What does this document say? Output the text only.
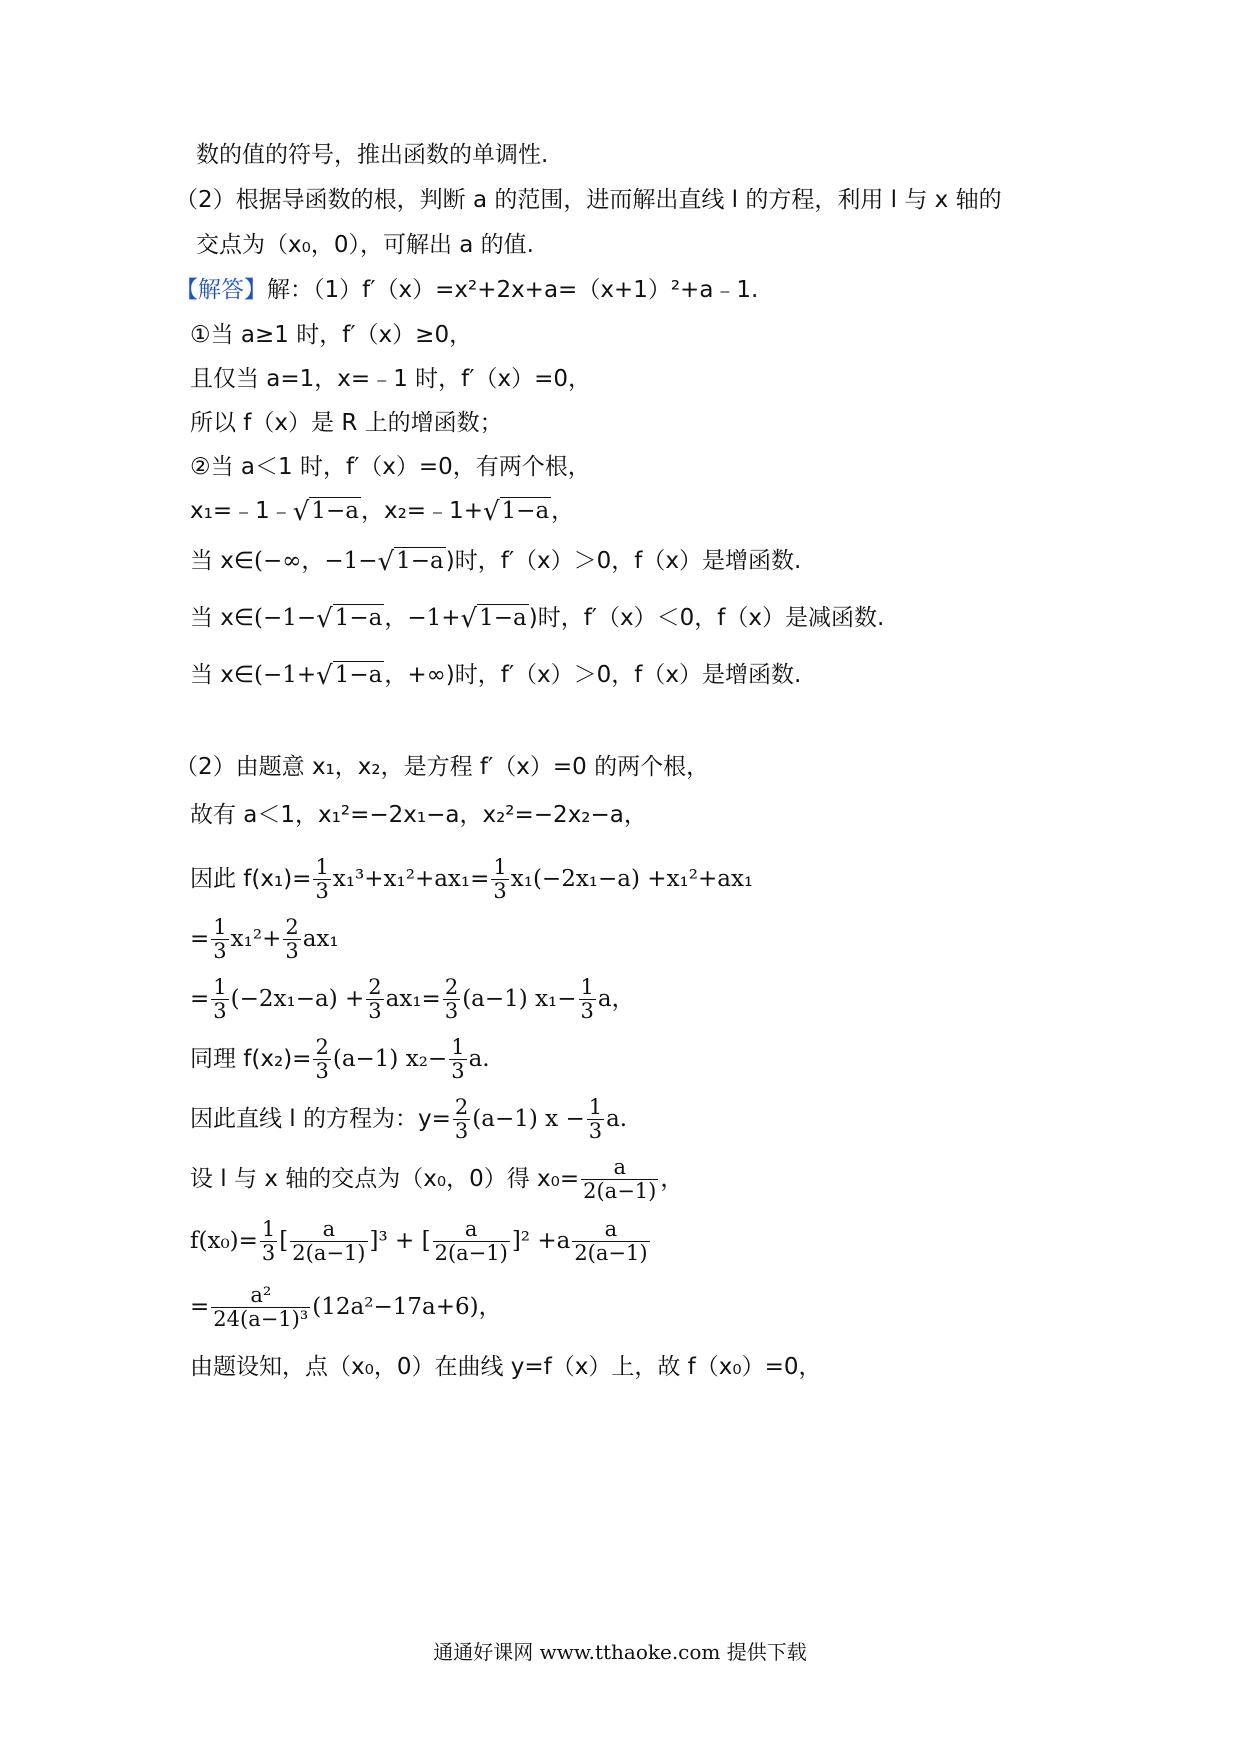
数的值的符号，推出函数的单调性.
（2）根据导函数的根，判断 a 的范围，进而解出直线 l 的方程，利用 l 与 x 轴的
交点为（x₀，0），可解出 a 的值.
【解答】解：（1）f′（x）=x²+2x+a=（x+1）²+a﹣1.
①当 a≥1 时，f′（x）≥0，
且仅当 a=1，x=﹣1 时，f′（x）=0，
所以 f（x）是 R 上的增函数；
②当 a＜1 时，f′（x）=0，有两个根，
x₁=﹣1﹣√1−a，x₂=﹣1+√1−a，
当 x∈(−∞，−1−√1−a)时，f′（x）＞0，f（x）是增函数.
当 x∈(−1−√1−a，−1+√1−a)时，f′（x）＜0，f（x）是减函数.
当 x∈(−1+√1−a，+∞)时，f′（x）＞0，f（x）是增函数.
（2）由题意 x₁，x₂，是方程 f′（x）=0 的两个根，
故有 a＜1，x₁²=−2x₁−a，x₂²=−2x₂−a，
因此 $f(x_1)= \frac{1}{3} x_1^3+x_1^2+ax_1= \frac{1}{3} x_1(-2x_1-a) +x_1^2+ax_1$
= $\frac{1}{3} x_1^2+ \frac{2}{3} ax_1$
= $\frac{1}{3} (-2x_1-a) + \frac{2}{3} ax_1= \frac{2}{3} (a-1)$ $x_1- \frac{1}{3}$ a，
同理 $f(x_2)= \frac{2}{3} (a-1)$ $x_2- \frac{1}{3} a$.
因此直线 l 的方程为：$y= \frac{2}{3} (a-1) x - \frac{1}{3} a$.
设 l 与 x 轴的交点为（x₀，0）得 $x_0= \frac{a}{2(a-1)}$ ，
$f(x_0)= \frac{1}{3}$ [ $\frac{a}{2(a-1)} ]^3$ + [ $\frac{a}{2(a-1)} ]^2 +a \frac{a}{2(a-1)}$
= $\frac{\text{a²}}{\text{24(a−1)³}} (12a^2-17a+6)$，
由题设知，点（x₀，0）在曲线 y=f（x）上，故 f（x₀）=0，
通通好课网 www.tthaoke.com 提供下载
